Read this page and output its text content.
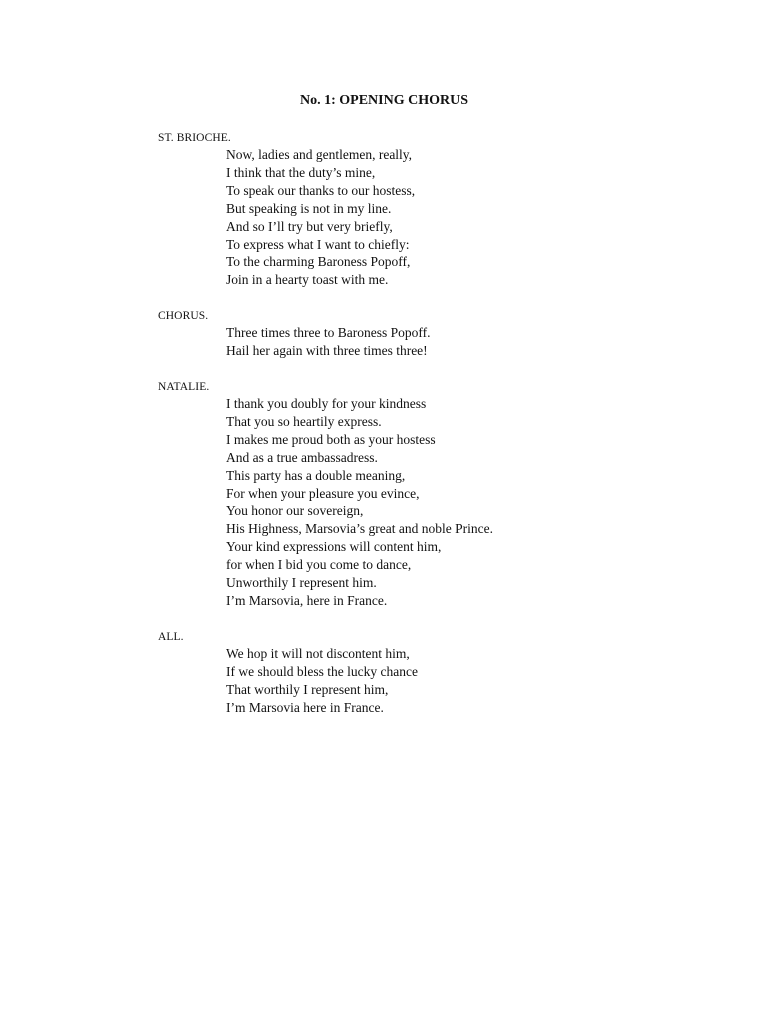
No. 1: OPENING CHORUS
ST. BRIOCHE.
Now, ladies and gentlemen, really,
I think that the duty’s mine,
To speak our thanks to our hostess,
But speaking is not in my line.
And so I’ll try but very briefly,
To express what I want to chiefly:
To the charming Baroness Popoff,
Join in a hearty toast with me.
CHORUS.
Three times three to Baroness Popoff.
Hail her again with three times three!
NATALIE.
I thank you doubly for your kindness
That you so heartily express.
I makes me proud both as your hostess
And as a true ambassadress.
This party has a double meaning,
For when your pleasure you evince,
You honor our sovereign,
His Highness, Marsovia’s great and noble Prince.
Your kind expressions will content him,
for when I bid you come to dance,
Unworthily I represent him.
I’m Marsovia, here in France.
ALL.
We hop it will not discontent him,
If we should bless the lucky chance
That worthily I represent him,
I’m Marsovia here in France.
